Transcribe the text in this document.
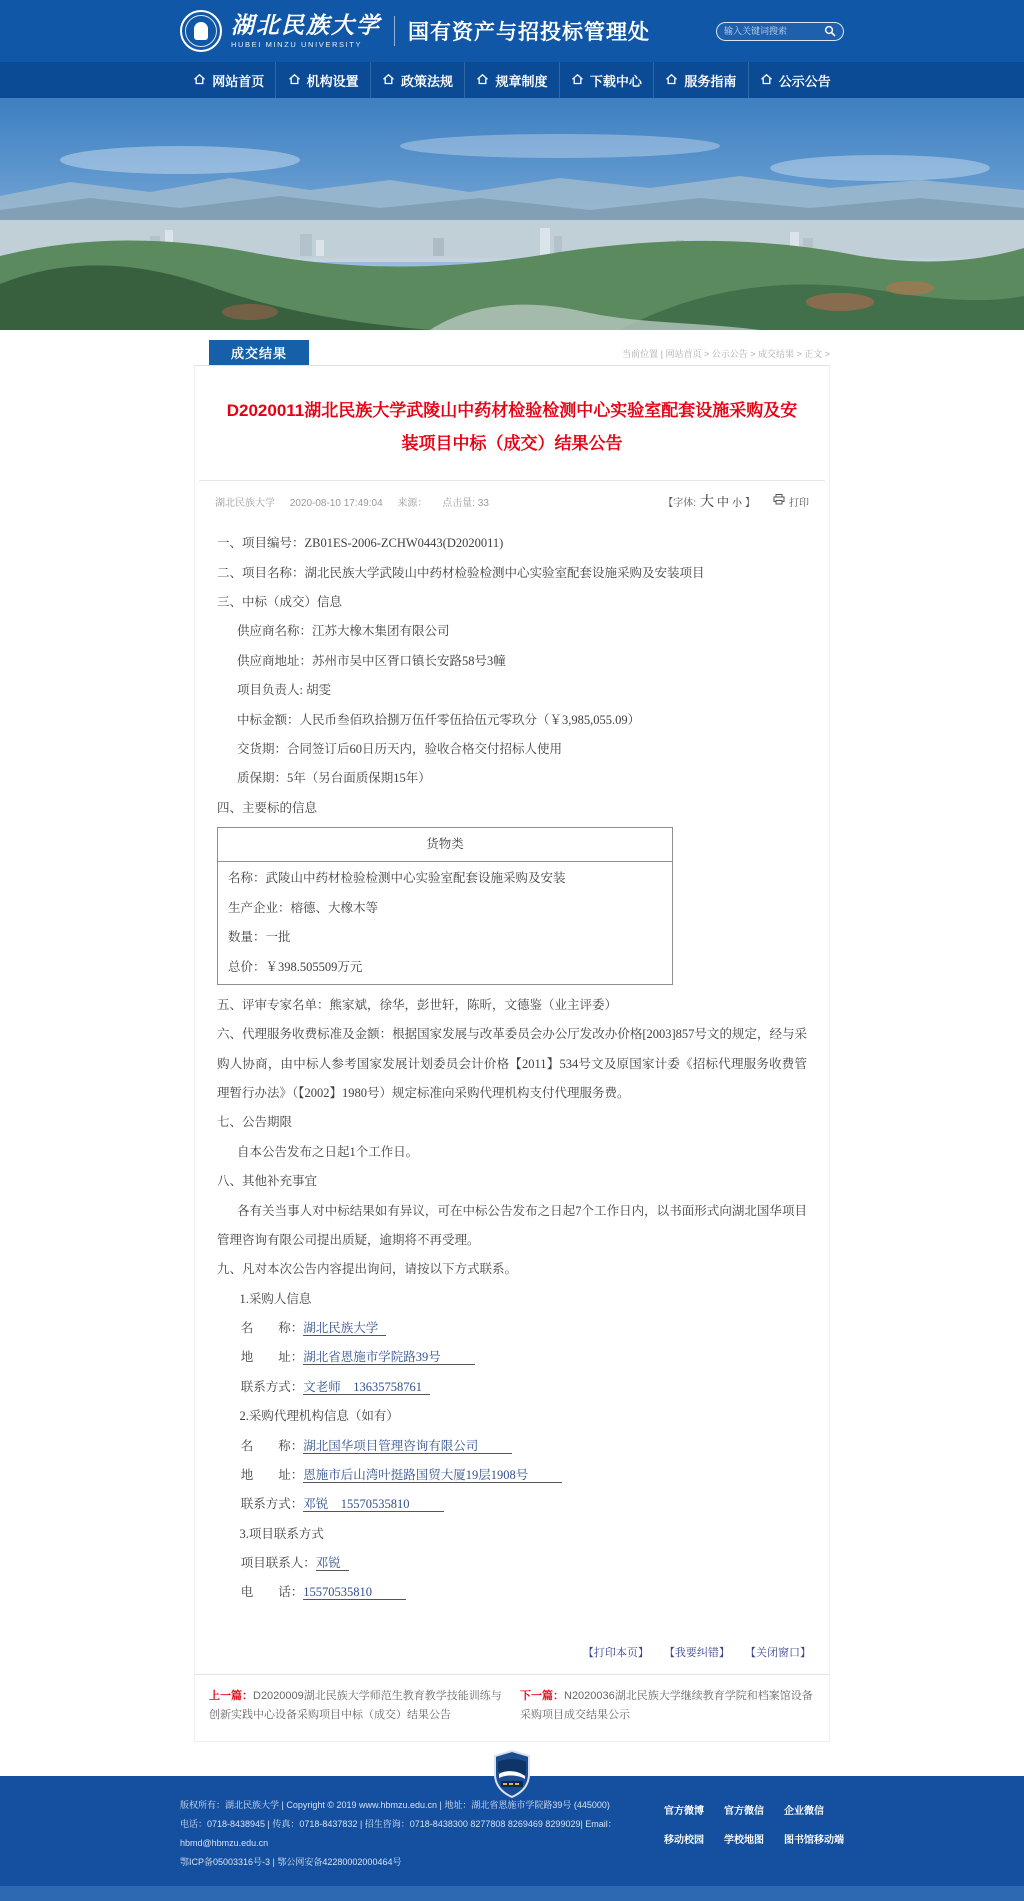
湖北民族大学
HUBEI MINZU UNIVERSITY
国有资产与招投标管理处
输入关键词搜索
网站首页	机构设置	政策法规	规章制度	下载中心	服务指南	公示公告
成交结果	当前位置 | 网站首页 > 公示公告 > 成交结果 > 正文 >
D2020011湖北民族大学武陵山中药材检验检测中心实验室配套设施采购及安装项目中标（成交）结果公告
湖北民族大学 2020-08-10 17:49:04 来源： 点击量: 33	【字体: 大 中 小 】	打印

一、项目编号：ZB01ES-2006-ZCHW0443(D2020011)

二、项目名称：湖北民族大学武陵山中药材检验检测中心实验室配套设施采购及安装项目

三、中标（成交）信息

供应商名称：江苏大橡木集团有限公司

供应商地址：苏州市吴中区胥口镇长安路58号3幢

项目负责人: 胡雯

中标金额：人民币叁佰玖拾捌万伍仟零伍拾伍元零玖分（￥3,985,055.09）

交货期：合同签订后60日历天内，验收合格交付招标人使用

质保期：5年（另台面质保期15年）

四、主要标的信息

货物类
名称：武陵山中药材检验检测中心实验室配套设施采购及安装
生产企业：榕德、大橡木等
数量：一批
总价：￥398.505509万元

五、评审专家名单：熊家斌，徐华，彭世轩，陈昕，文德鉴（业主评委）

六、代理服务收费标准及金额：根据国家发展与改革委员会办公厅发改办价格[2003]857号文的规定，经与采购人协商，由中标人参考国家发展计划委员会计价格【2011】534号文及原国家计委《招标代理服务收费管理暂行办法》（【2002】1980号）规定标准向采购代理机构支付代理服务费。

七、公告期限

自本公告发布之日起1个工作日。

八、其他补充事宜

各有关当事人对中标结果如有异议，可在中标公告发布之日起7个工作日内，以书面形式向湖北国华项目管理咨询有限公司提出质疑，逾期将不再受理。

九、凡对本次公告内容提出询问，请按以下方式联系。

1.采购人信息

名　　称：湖北民族大学

地　　址：湖北省恩施市学院路39号

联系方式：文老师　13635758761

2.采购代理机构信息（如有）

名　　称：湖北国华项目管理咨询有限公司

地　　址：恩施市后山湾叶挺路国贸大厦19层1908号

联系方式：邓锐　15570535810

3.项目联系方式

项目联系人：邓锐

电　　话：15570535810

【打印本页】 【我要纠错】 【关闭窗口】
上一篇：D2020009湖北民族大学师范生教育教学技能训练与创新实践中心设备采购项目中标（成交）结果公告
下一篇：N2020036湖北民族大学继续教育学院和档案馆设备采购项目成交结果公示
版权所有：湖北民族大学 | Copyright © 2019 www.hbmzu.edu.cn | 地址：湖北省恩施市学院路39号 (445000)
电话：0718-8438945 | 传真：0718-8437832 | 招生咨询：0718-8438300 8277808 8269469 8299029| Email：hbmd@hbmzu.edu.cn
鄂ICP备05003316号-3 | 鄂公网安备42280002000464号
官方微博 官方微信 企业微信
移动校园 学校地图 图书馆移动端
